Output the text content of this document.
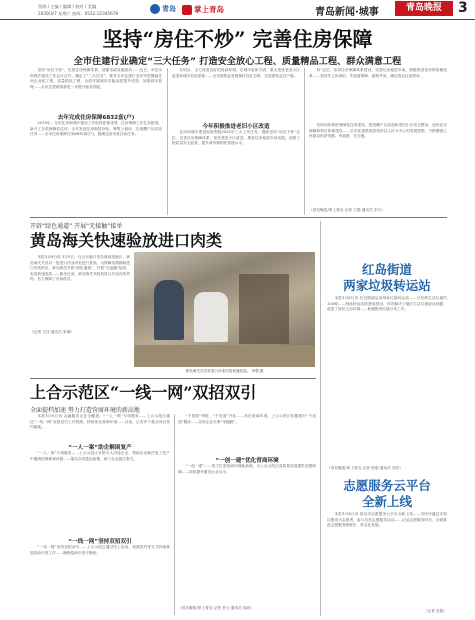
西海 / 主编 / 编辑 / 校对 / 美编
2020/3/7 星期六 热线：0532-12345678
青岛 掌上青岛	青岛新闻·城事	青岛晚报	3
坚持“房住不炒” 完善住房保障
全市住建行业确定“三大任务” 打造安全放心工程、质量精品工程、群众满意工程

坚持“房住不炒”，完善住房保障体系，加强市政设施建设……近日，市住房和城乡建设工作会议召开，确定了“三大任务”，要求全市住建行业牢牢把握稳住房企业底工程，质量精品工程，全面开展城市功能品质提升攻势，加强城市管理……全市住建系统将进一步提升服务效能。

去年完成住房保障6832套(户)

2019年，全市住房和城乡建设工作取得显著成绩，住房保障工作扎实推进，新开工各类保障性住房，全年发放住房租赁补贴，筹集公租房，完成棚户区改造任务……全市住房保障任务6832套(户)，圆满完成年度目标任务。

各项目，全力营造良好的营商环境。在城市更新方面，重点推进老旧小区改造和城市有机更新……全市建筑业发展保持良好态势，完成建筑业总产值。

今年积极推进老旧小区改造

住房和城乡建设局将围绕2020年三大工作任务，继续坚持“房住不炒”定位，完善住房保障体系，加快老旧小区改造，推进住房租赁市场发展，加强工程质量安全监管，提升城市精细化管理水平。

持“定位，坚持住房保障体系建设，完善住房租赁市场，积极推进住房供给侧改革……坚持多主体供给、多渠道保障、租购并举，满足群众住房需求。

坚持加快推进保障性住房建设，推进棚户区改造和老旧小区综合整治，加快住房保障和供应体系建设……全市住建系统将坚持以人民为中心的发展思想，不断增强人民群众的获得感、幸福感、安全感。

（青岛晚报/掌上青岛 记者 王磊 通讯员 李方）
开辟“绿色通道” 开展“无接触”接单
黄岛海关快速验放进口肉类

本报3月6日讯 3月5日，在山东港口青岛港前湾港区，黄岛海关关员对一批进口冷冻肉类进行查验。为保障疫情期间进口肉类供应，黄岛海关开辟“绿色通道”，开展“无接触”接单，实现快速验放……截至目前，黄岛海关共验放进口冷冻肉类货物，有力保障了市场供应。

（记者 王伟 通讯员 张琳）
黄岛海关关员对进口冷冻肉类快速验放。 李强 摄
红岛街道
两家垃圾转运站

本报3月6日讯 红岛街道启用两家垃圾转运站……日处理生活垃圾约100吨……两座转运站的建成投用，有效解决了辖区生活垃圾收运问题，改善了居民生活环境……积极推进垃圾分类工作。

（青岛晚报/掌上青岛 记者 张明 通讯员 刘洋）
志愿服务云平台
全新上线

本报3月6日讯 青岛市志愿服务云平台全新上线……市民可通过手机注册成为志愿者，参与各类志愿服务活动……记录志愿服务时长，全面推进志愿服务制度化、常态化发展。

（记者 吴磊）
上合示范区“一线一网”双招双引
全面提档加速 努力打造营商环境的新高地

本报3月6日讯 金融服务企业全覆盖、“一人一策”专项服务……上合示范区通过“一线一网”双招双引工作机制，持续优化营商环境……目前，已有多个重点项目签约落地。

“一人一案”助企解困复产

“一人一案”专项服务……上合示范区安排专人对接企业，帮助企业解决复工复产中遇到的困难和问题……落实各项惠企政策，助力企业渡过难关。

“一线一网”坚持双招双引

“一线一网”坚持双招双引……上合示范区通过线上洽谈、视频签约等方式持续推进招商引资工作……确保招商引资不断档。

“不见面”审批、“不见面”开标……优化营商环境，上合示范区积极推行“不见面”服务……实现企业办事“零跑腿”。

“一创一建”优化营商环境

“一创一建”……努力打造营商环境新高地，为上合示范区高质量发展提供坚强保障……持续提升服务企业水平。

（青岛晚报/掌上青岛 记者 李云 通讯员 周莉）
